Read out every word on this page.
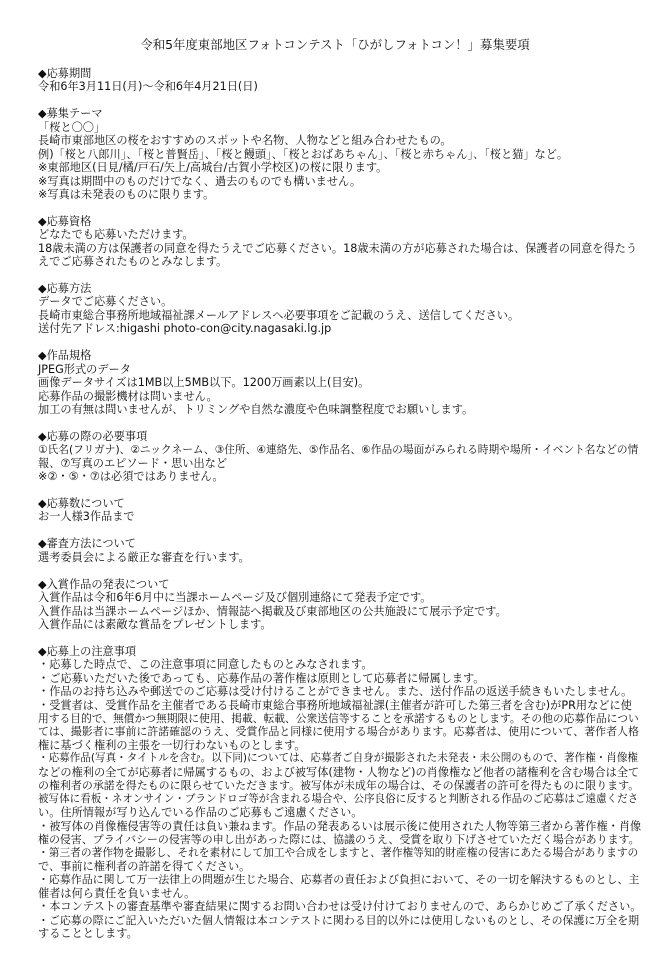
令和5年度東部地区フォトコンテスト「ひがしフォトコン！」募集要項

◆応募期間

令和6年3月11日(月)～令和6年4月21日(日)

◆募集テーマ

「桜と〇〇」

長崎市東部地区の桜をおすすめのスポットや名物、人物などと組み合わせたもの。

例)「桜と八郎川」、「桜と普賢岳」、「桜と饅頭」、「桜とおばあちゃん」、「桜と赤ちゃん」、「桜と猫」など。

※東部地区(日見/橘/戸石/矢上/高城台/古賀小学校区)の桜に限ります。

※写真は期間中のものだけでなく、過去のものでも構いません。

※写真は未発表のものに限ります。

◆応募資格

どなたでも応募いただけます。

18歳未満の方は保護者の同意を得たうえでご応募ください。18歳未満の方が応募された場合は、保護者の同意を得たう

えでご応募されたものとみなします。

◆応募方法

データでご応募ください。

長崎市東総合事務所地域福祉課メールアドレスへ必要事項をご記載のうえ、送信してください。

送付先アドレス:higashi photo-con@city.nagasaki.lg.jp

◆作品規格

JPEG形式のデータ

画像データサイズは1MB以上5MB以下。1200万画素以上(目安)。

応募作品の撮影機材は問いません。

加工の有無は問いませんが、トリミングや自然な濃度や色味調整程度でお願いします。

◆応募の際の必要事項

①氏名(フリガナ)、②ニックネーム、③住所、④連絡先、⑤作品名、⑥作品の場面がみられる時期や場所・イベント名などの情

報、⑦写真のエピソード・思い出など

※②・⑤・⑦は必須ではありません。

◆応募数について

お一人様3作品まで

◆審査方法について

選考委員会による厳正な審査を行います。

◆入賞作品の発表について

入賞作品は令和6年6月中に当課ホームページ及び個別連絡にて発表予定です。

入賞作品は当課ホームページほか、情報誌へ掲載及び東部地区の公共施設にて展示予定です。

入賞作品には素敵な賞品をプレゼントします。

◆応募上の注意事項

・応募した時点で、この注意事項に同意したものとみなされます。

・ご応募いただいた後であっても、応募作品の著作権は原則として応募者に帰属します。

・作品のお持ち込みや郵送でのご応募は受け付けることができません。また、送付作品の返送手続きもいたしません。

・受賞者は、受賞作品を主催者である長崎市東総合事務所地域福祉課(主催者が許可した第三者を含む)がPR用などに使

用する目的で、無償かつ無期限に使用、掲載、転載、公衆送信等することを承諾するものとします。その他の応募作品につい

ては、撮影者に事前に許諾確認のうえ、受賞作品と同様に使用する場合があります。応募者は、使用について、著作者人格

権に基づく権利の主張を一切行わないものとします。

・応募作品(写真・タイトルを含む。以下同)については、応募者ご自身が撮影された未発表・未公開のもので、著作権・肖像権

などの権利の全てが応募者に帰属するもの、および被写体(建物・人物など)の肖像権など他者の諸権利を含む場合は全て

の権利者の承諾を得たものに限らせていただきます。被写体が未成年の場合は、その保護者の許可を得たものに限ります。

被写体に看板・ネオンサイン・ブランドロゴ等が含まれる場合や、公序良俗に反すると判断される作品のご応募はご遠慮くださ

い。住所情報が写り込んでいる作品のご応募もご遠慮ください。

・被写体の肖像権侵害等の責任は負い兼ねます。作品の発表あるいは展示後に使用された人物等第三者から著作権・肖像

権の侵害、プライバシーの侵害等の申し出があった際には、協議のうえ、受賞を取り下げさせていただく場合があります。

・第三者の著作物を撮影し、それを素材にして加工や合成をしますと、著作権等知的財産権の侵害にあたる場合がありますの

で、事前に権利者の許諾を得てください。

・応募作品に関して万一法律上の問題が生じた場合、応募者の責任および負担において、その一切を解決するものとし、主

催者は何ら責任を負いません。

・本コンテストの審査基準や審査結果に関するお問い合わせは受け付けておりませんので、あらかじめご了承ください。

・ご応募の際にご記入いただいた個人情報は本コンテストに関わる目的以外には使用しないものとし、その保護に万全を期

することとします。
